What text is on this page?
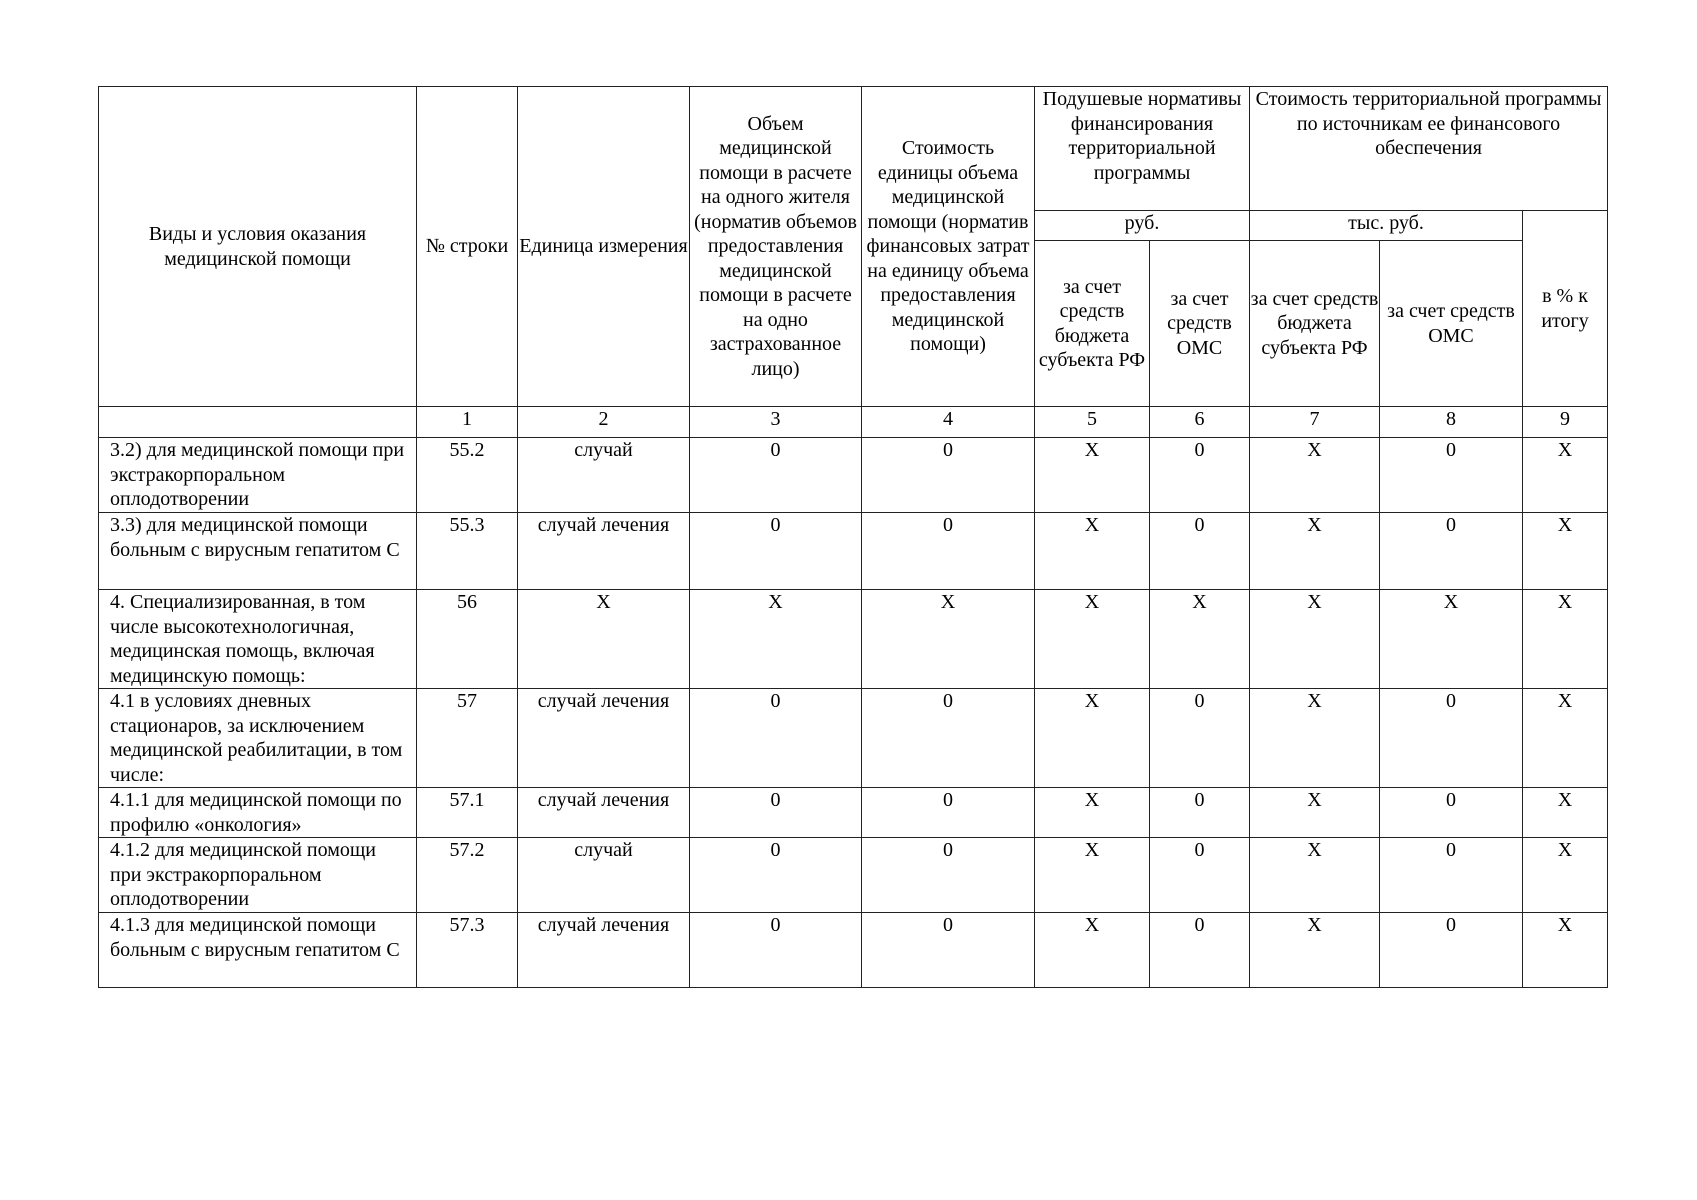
Виды и условия оказания медицинской помощи	№ строки	Единица измерения	Объем медицинской помощи в расчете на одного жителя (норматив объемов предоставления медицинской помощи в расчете на одно застрахованное лицо)	Стоимость единицы объема медицинской помощи (норматив финансовых затрат на единицу объема предоставления медицинской помощи)	Подушевые нормативы финансирования территориальной программы		Стоимость территориальной программы по источникам ее финансового обеспечения		
					руб.		тыс. руб.		в % к итогу
					за счет средств бюджета субъекта РФ	за счет средств ОМС	за счет средств бюджета субъекта РФ	за счет средств ОМС	
	1	2	3	4	5	6	7	8	9
3.2) для медицинской помощи при экстракорпоральном оплодотворении	55.2	случай	0	0	Х	0	Х	0	Х
3.3) для медицинской помощи больным с вирусным гепатитом С	55.3	случай лечения	0	0	Х	0	Х	0	Х
4. Специализированная, в том числе высокотехнологичная, медицинская помощь, включая медицинскую помощь:	56	Х	Х	Х	Х	Х	Х	Х	Х
4.1 в условиях дневных стационаров, за исключением медицинской реабилитации, в том числе:	57	случай лечения	0	0	Х	0	Х	0	Х
4.1.1 для медицинской помощи по профилю «онкология»	57.1	случай лечения	0	0	Х	0	Х	0	Х
4.1.2 для медицинской помощи при экстракорпоральном оплодотворении	57.2	случай	0	0	Х	0	Х	0	Х
4.1.3 для медицинской помощи больным с вирусным гепатитом С	57.3	случай лечения	0	0	Х	0	Х	0	Х
